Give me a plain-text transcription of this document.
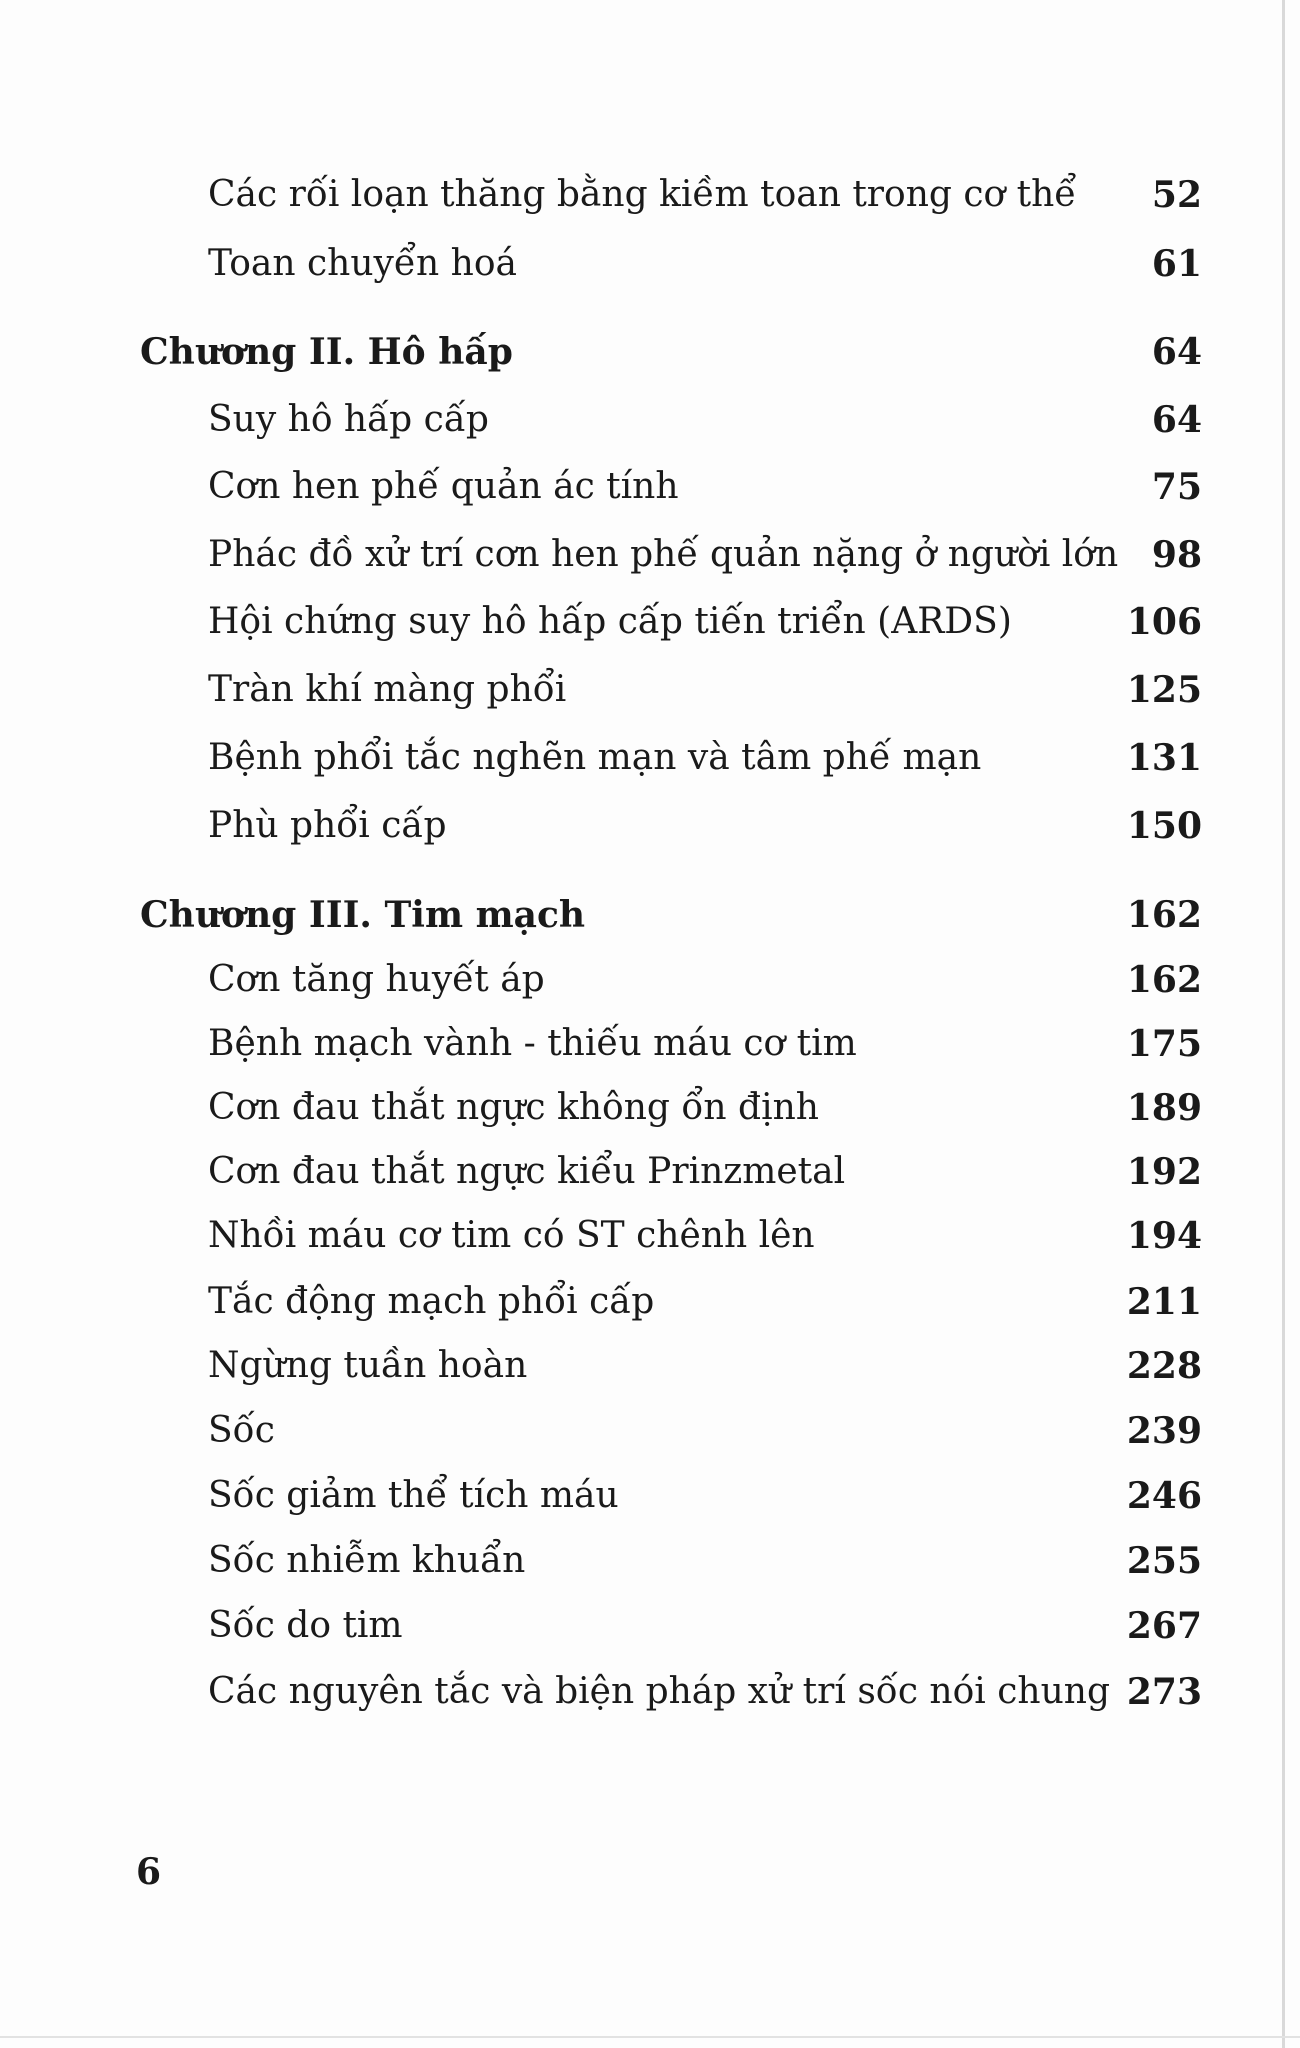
Các rối loạn thăng bằng kiềm toan trong cơ thể 52
Toan chuyển hoá	61
Chương II. Hô hấp	64
Suy hô hấp cấp	64
Cơn hen phế quản ác tính	75
Phác đồ xử trí cơn hen phế quản nặng ở người lớn 98
Hội chứng suy hô hấp cấp tiến triển (ARDS)	106
Tràn khí màng phổi	125
Bệnh phổi tắc nghẽn mạn và tâm phế mạn	131
Phù phổi cấp	150
Chương III. Tim mạch	162
Cơn tăng huyết áp	162
Bệnh mạch vành - thiếu máu cơ tim	175
Cơn đau thắt ngực không ổn định	189
Cơn đau thắt ngực kiểu Prinzmetal	192
Nhồi máu cơ tim có ST chênh lên	194
Tắc động mạch phổi cấp	211
Ngừng tuần hoàn	228
Sốc	239
Sốc giảm thể tích máu	246
Sốc nhiễm khuẩn	255
Sốc do tim	267
Các nguyên tắc và biện pháp xử trí sốc nói chung 273
6
